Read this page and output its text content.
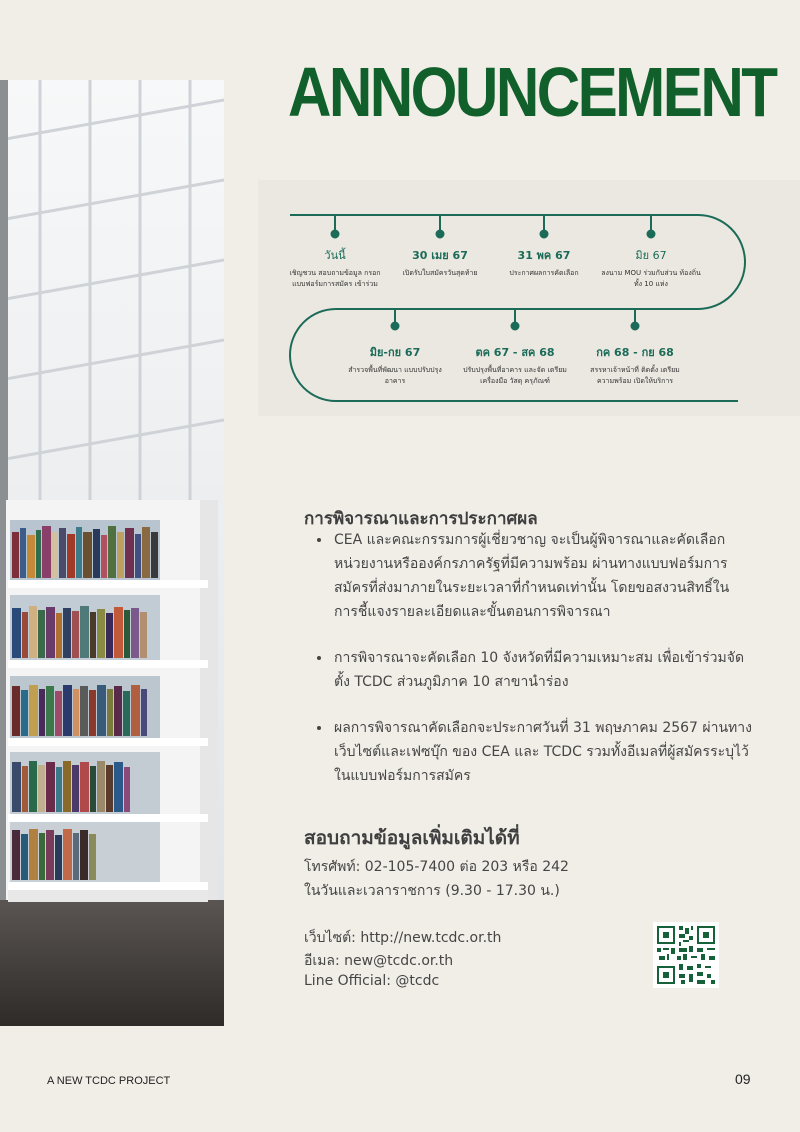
ANNOUNCEMENT
วันนี้
เชิญชวน สอบถามข้อมูล กรอกแบบฟอร์มการสมัคร เข้าร่วม
30 เมย 67
เปิดรับใบสมัครวันสุดท้าย
31 พค 67
ประกาศผลการคัดเลือก
มิย 67
ลงนาม MOU ร่วมกับส่วน ท้องถิ่นทั้ง 10 แห่ง
มิย-กย 67
สำรวจพื้นที่พัฒนา แบบปรับปรุงอาคาร
ตค 67 - สค 68
ปรับปรุงพื้นที่อาคาร และจัด เตรียมเครื่องมือ วัสดุ ครุภัณฑ์
กค 68 - กย 68
สรรหาเจ้าหน้าที่ ติดตั้ง เตรียมความพร้อม เปิดให้บริการ
การพิจารณาและการประกาศผล
• CEA และคณะกรรมการผู้เชี่ยวชาญ จะเป็นผู้พิจารณาและคัดเลือกหน่วยงานหรือองค์กรภาครัฐที่มีความพร้อม ผ่านทางแบบฟอร์มการสมัครที่ส่งมาภายในระยะเวลาที่กำหนดเท่านั้น โดยขอสงวนสิทธิ์ในการชี้แจงรายละเอียดและขั้นตอนการพิจารณา
• การพิจารณาจะคัดเลือก 10 จังหวัดที่มีความเหมาะสม เพื่อเข้าร่วมจัดตั้ง TCDC ส่วนภูมิภาค 10 สาขานำร่อง
• ผลการพิจารณาคัดเลือกจะประกาศวันที่ 31 พฤษภาคม 2567 ผ่านทางเว็บไซต์และเฟซบุ๊ก ของ CEA และ TCDC รวมทั้งอีเมลที่ผู้สมัครระบุไว้ในแบบฟอร์มการสมัคร
สอบถามข้อมูลเพิ่มเติมได้ที่
โทรศัพท์: 02-105-7400 ต่อ 203 หรือ 242
ในวันและเวลาราชการ (9.30 - 17.30 น.)
เว็บไซต์: http://new.tcdc.or.th
อีเมล: new@tcdc.or.th
Line Official: @tcdc
A NEW TCDC PROJECT	09
